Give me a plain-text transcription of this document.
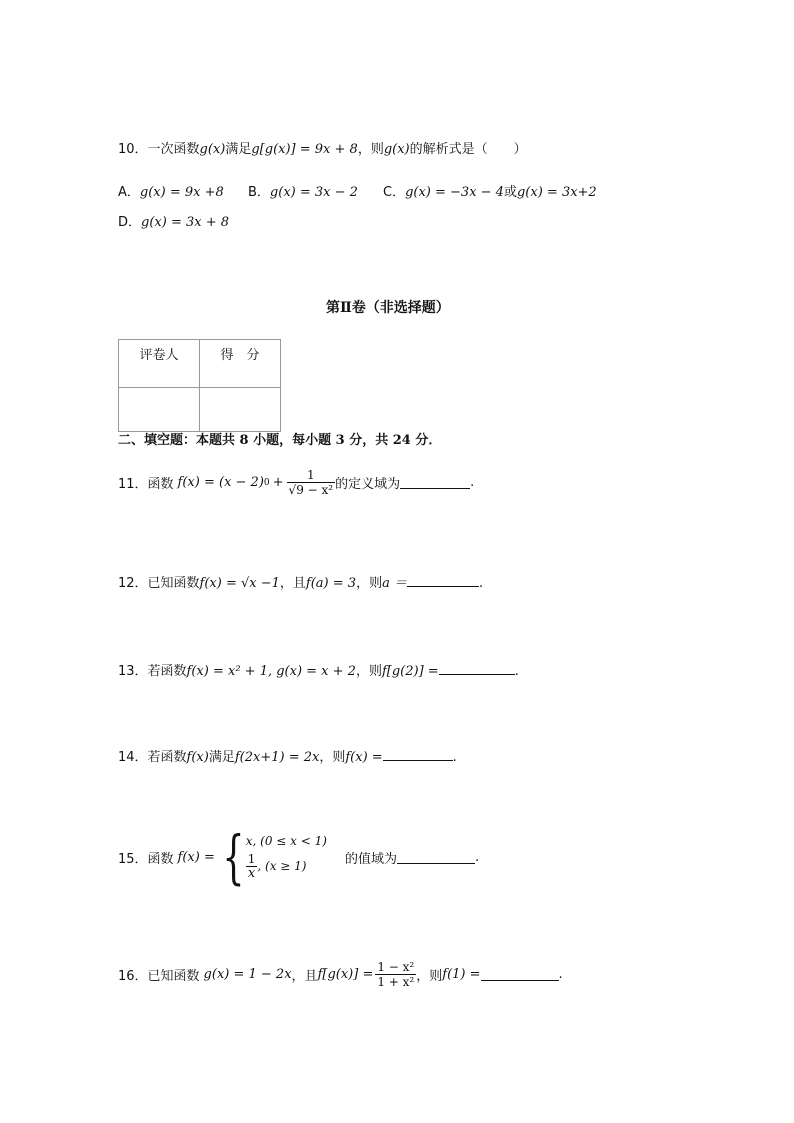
10．一次函数g(x)满足g[g(x)] = 9x + 8，则g(x)的解析式是（　　）
A．g(x) = 9x +8 B．g(x) = 3x − 2 C．g(x) = −3x − 4或g(x) = 3x+2
D．g(x) = 3x + 8
第Ⅱ卷（非选择题）
评卷人	得　分

二、填空题：本题共 8 小题，每小题 3 分，共 24 分．
11．函数 f(x) = (x − 2) $0 + \frac{1}{\text{√9 − x²}}$ 的定义域为	.
12．已知函数f(x) = √x −1，且f(a) = 3，则a ＝	.
13．若函数f(x) = x² + 1, g(x) = x + 2，则f[g(2)] =	.
14．若函数f(x)满足f(2x+1) = 2x，则f(x) =	.
15．函数 f(x) = { x, (0 ≤ x < 1)
$\frac{1}{x}$ , (x ≥ 1)	的值域为	.
16．已知函数 g(x) = 1 − 2x ，且 $f[g(x)] = \frac{\text{1 − x²}}{\text{1 + x²}}$ ，则 f(1) =	.
